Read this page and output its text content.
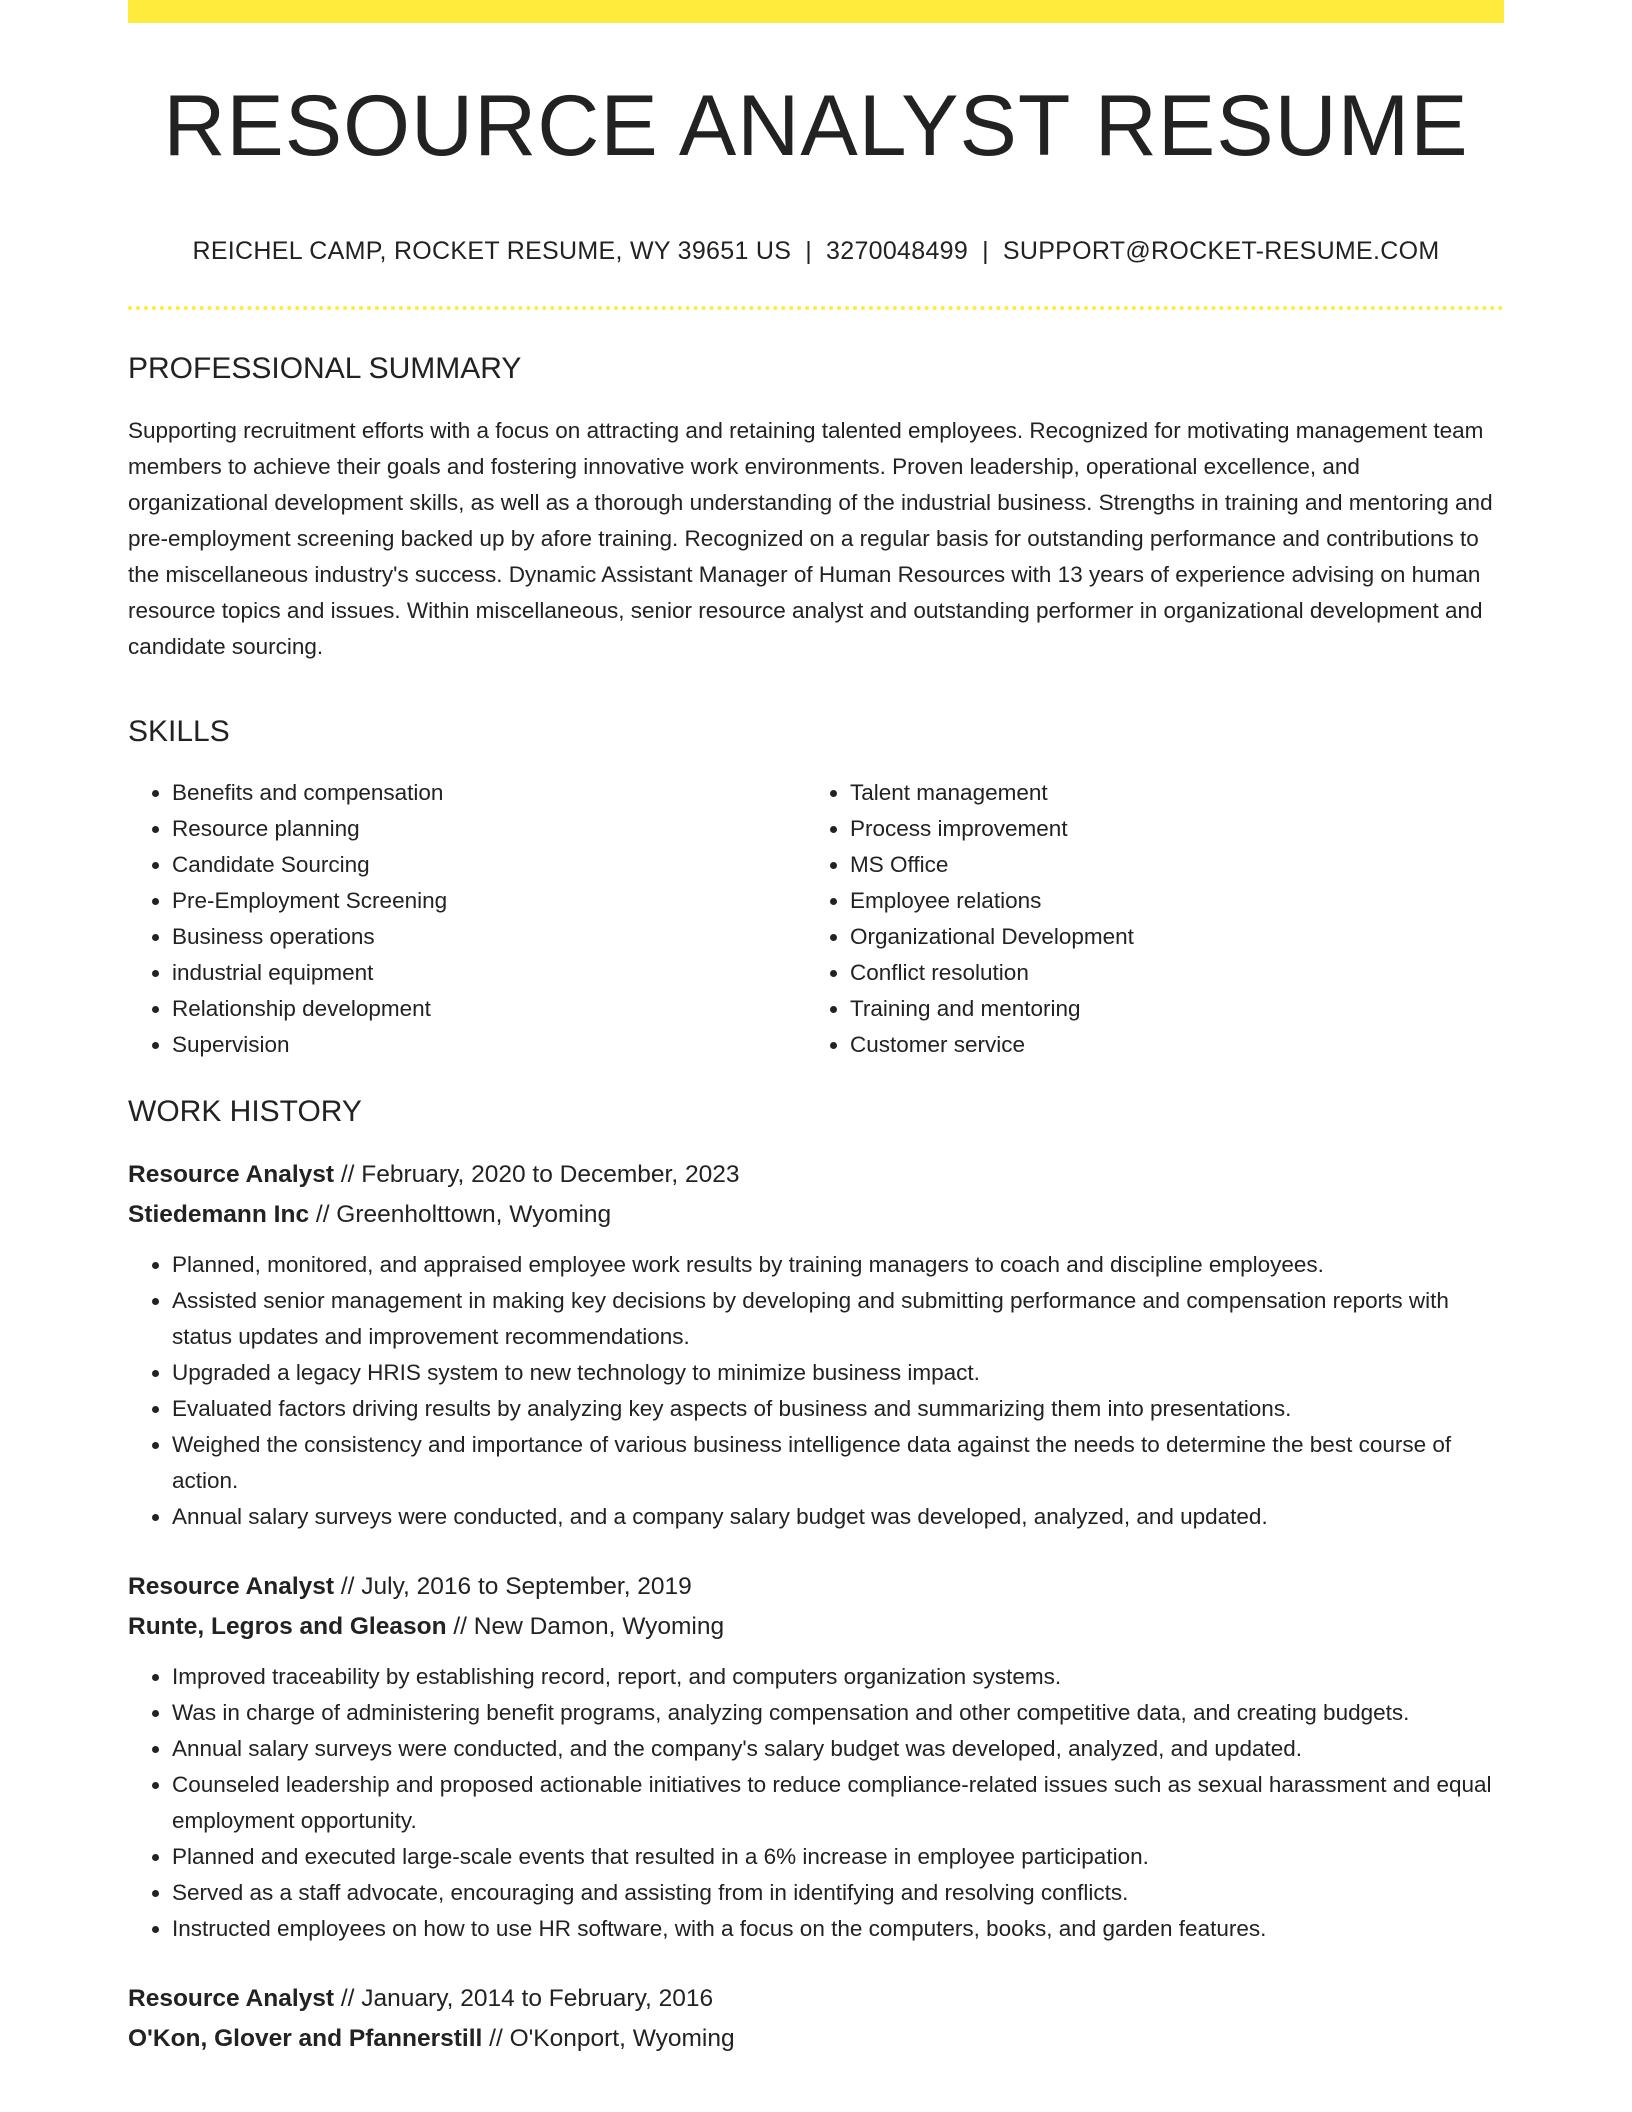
RESOURCE ANALYST RESUME
REICHEL CAMP, ROCKET RESUME, WY 39651 US | 3270048499 | SUPPORT@ROCKET-RESUME.COM
PROFESSIONAL SUMMARY

Supporting recruitment efforts with a focus on attracting and retaining talented employees. Recognized for motivating management team members to achieve their goals and fostering innovative work environments. Proven leadership, operational excellence, and organizational development skills, as well as a thorough understanding of the industrial business. Strengths in training and mentoring and pre-employment screening backed up by afore training. Recognized on a regular basis for outstanding performance and contributions to the miscellaneous industry's success. Dynamic Assistant Manager of Human Resources with 13 years of experience advising on human resource topics and issues. Within miscellaneous, senior resource analyst and outstanding performer in organizational development and candidate sourcing.

SKILLS
• Benefits and compensation
• Resource planning
• Candidate Sourcing
• Pre-Employment Screening
• Business operations
• industrial equipment
• Relationship development
• Supervision
• Talent management
• Process improvement
• MS Office
• Employee relations
• Organizational Development
• Conflict resolution
• Training and mentoring
• Customer service
WORK HISTORY
Resource Analyst // February, 2020 to December, 2023
Stiedemann Inc // Greenholttown, Wyoming
• Planned, monitored, and appraised employee work results by training managers to coach and discipline employees.
• Assisted senior management in making key decisions by developing and submitting performance and compensation reports with status updates and improvement recommendations.
• Upgraded a legacy HRIS system to new technology to minimize business impact.
• Evaluated factors driving results by analyzing key aspects of business and summarizing them into presentations.
• Weighed the consistency and importance of various business intelligence data against the needs to determine the best course of action.
• Annual salary surveys were conducted, and a company salary budget was developed, analyzed, and updated.
Resource Analyst // July, 2016 to September, 2019
Runte, Legros and Gleason // New Damon, Wyoming
• Improved traceability by establishing record, report, and computers organization systems.
• Was in charge of administering benefit programs, analyzing compensation and other competitive data, and creating budgets.
• Annual salary surveys were conducted, and the company's salary budget was developed, analyzed, and updated.
• Counseled leadership and proposed actionable initiatives to reduce compliance-related issues such as sexual harassment and equal employment opportunity.
• Planned and executed large-scale events that resulted in a 6% increase in employee participation.
• Served as a staff advocate, encouraging and assisting from in identifying and resolving conflicts.
• Instructed employees on how to use HR software, with a focus on the computers, books, and garden features.
Resource Analyst // January, 2014 to February, 2016
O'Kon, Glover and Pfannerstill // O'Konport, Wyoming
